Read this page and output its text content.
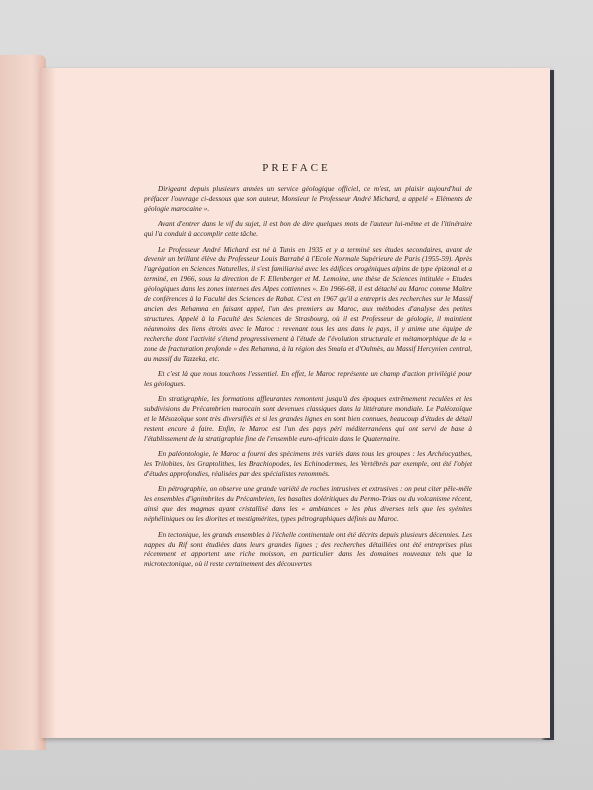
PREFACE

Dirigeant depuis plusieurs années un service géologique officiel, ce m'est, un plaisir aujourd'hui de préfacer l'ouvrage ci-dessous que son auteur, Monsieur le Professeur André Michard, a appelé « Eléments de géologie marocaine ».

Avant d'entrer dans le vif du sujet, il est bon de dire quelques mots de l'auteur lui-même et de l'itinéraire qui l'a conduit à accomplir cette tâche.

Le Professeur André Michard est né à Tunis en 1935 et y a terminé ses études secondaires, avant de devenir un brillant élève du Professeur Louis Barrabé à l'Ecole Normale Supérieure de Paris (1955-59). Après l'agrégation en Sciences Naturelles, il s'est familiarisé avec les édifices orogéniques alpins de type épizonal et a terminé, en 1966, sous la direction de F. Ellenberger et M. Lemoine, une thèse de Sciences intitulée « Etudes géologiques dans les zones internes des Alpes cottiennes ». En 1966-68, il est détaché au Maroc comme Maître de conférences à la Faculté des Sciences de Rabat. C'est en 1967 qu'il a entrepris des recherches sur le Massif ancien des Rehamna en faisant appel, l'un des premiers au Maroc, aux méthodes d'analyse des petites structures. Appelé à la Faculté des Sciences de Strasbourg, où il est Professeur de géologie, il maintient néanmoins des liens étroits avec le Maroc : revenant tous les ans dans le pays, il y anime une équipe de recherche dont l'activité s'étend progressivement à l'étude de l'évolution structurale et métamorphique de la « zone de fracturation profonde » des Rehamna, à la région des Smala et d'Oulmès, au Massif Hercynien central, au massif du Tazzeka, etc.

Et c'est là que nous touchons l'essentiel. En effet, le Maroc représente un champ d'action privilégié pour les géologues.

En stratigraphie, les formations affleurantes remontent jusqu'à des époques extrêmement reculées et les subdivisions du Précambrien marocain sont devenues classiques dans la littérature mondiale. Le Paléozoïque et le Mésozoïque sont très diversifiés et si les grandes lignes en sont bien connues, beaucoup d'études de détail restent encore à faire. Enfin, le Maroc est l'un des pays péri méditerranéens qui ont servi de base à l'établissement de la stratigraphie fine de l'ensemble euro-africain dans le Quaternaire.

En paléontologie, le Maroc a fourni des spécimens très variés dans tous les groupes : les Archéocyathes, les Trilobites, les Graptolithes, les Brachiopodes, les Echinodermes, les Vertébrés par exemple, ont été l'objet d'études approfondies, réalisées par des spécialistes renommés.

En pétrographie, on observe une grande variété de roches intrusives et extrusives : on peut citer pêle-mêle les ensembles d'ignimbrites du Précambrien, les basaltes doléritiques du Permo-Trias ou du volcanisme récent, ainsi que des magmas ayant cristallisé dans les « ambiances » les plus diverses tels que les syénites néphéliniques ou les diorites et mestigmérites, types pétrographiques définis au Maroc.

En tectonique, les grands ensembles à l'échelle continentale ont été décrits depuis plusieurs décennies. Les nappes du Rif sont étudiées dans leurs grandes lignes ; des recherches détaillées ont été entreprises plus récemment et apportent une riche moisson, en particulier dans les domaines nouveaux tels que la microtectonique, où il reste certainement des découvertes
